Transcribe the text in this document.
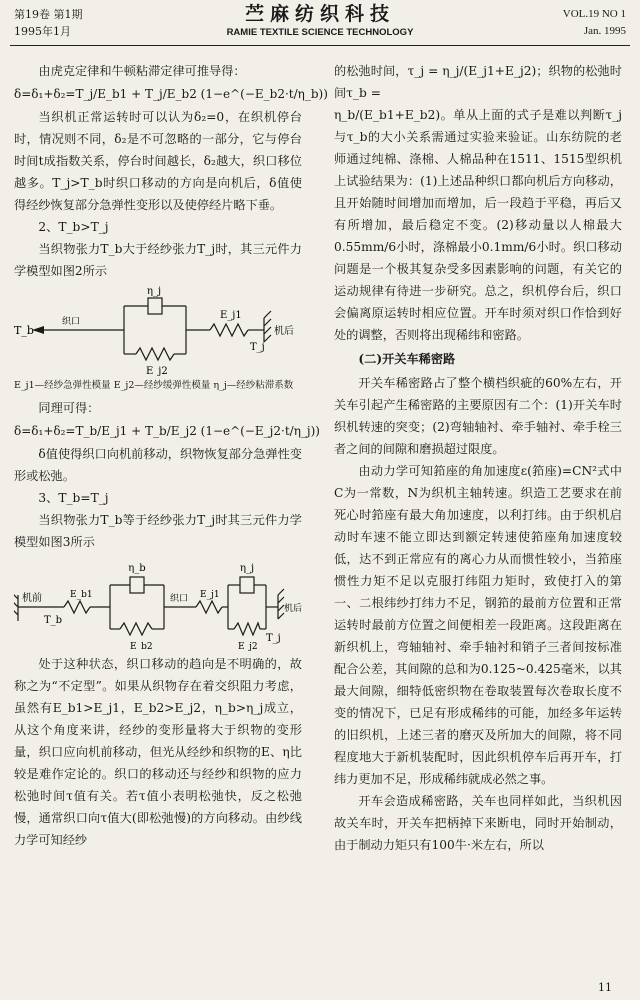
第19卷 第1期
1995年1月
苎麻纺织科技
RAMIE TEXTILE SCIENCE TECHNOLOGY
VOL.19 NO 1
Jan. 1995

由虎克定律和牛顿粘滞定律可推导得：

δ=δ₁+δ₂=T_j/E_b1 + T_j/E_b2 (1−e^(−E_b2·t/η_b))

当织机正常运转时可以认为δ₂=0，在织机停台时，情况则不同，δ₂是不可忽略的一部分，它与停台时间t成指数关系，停台时间越长，δ₂越大，织口移位越多。T_j>T_b时织口移动的方向是向机后，δ值使得经纱恢复部分急弹性变形以及使停经片略下垂。

2、T_b>T_j

当织物张力T_b大于经纱张力T_j时，其三元件力学模型如图2所示

η_j
T_b
织口
E_j1
E_j2
T_j
机后

E_j1—经纱急弹性模量 E_j2—经纱缓弹性模量 η_j—经纱粘滞系数

同理可得：

δ=δ₁+δ₂=T_b/E_j1 + T_b/E_j2 (1−e^(−E_j2·t/η_j))

δ值使得织口向机前移动，织物恢复部分急弹性变形或松弛。

3、T_b=T_j

当织物张力T_b等于经纱张力T_j时其三元件力学模型如图3所示

机前
T_b
E_b1
η_b
E_b2
织口 E_j1
η_j
E_j2
T_j
机后

处于这种状态，织口移动的趋向是不明确的，故称之为“不定型”。如果从织物存在着交织阻力考虑，虽然有E_b1>E_j1，E_b2>E_j2，η_b>η_j成立，从这个角度来讲，经纱的变形量将大于织物的变形量，织口应向机前移动，但光从经纱和织物的E、η比较是难作定论的。织口的移动还与经纱和织物的应力松弛时间τ值有关。若τ值小表明松弛快，反之松弛慢，通常织口向τ值大(即松弛慢)的方向移动。由纱线力学可知经纱

的松弛时间，τ_j = η_j/(E_j1+E_j2)；织物的松弛时间τ_b =

η_b/(E_b1+E_b2)。单从上面的式子是难以判断τ_j与τ_b的大小关系需通过实验来验证。山东纺院的老师通过纯棉、涤棉、人棉品种在1511、1515型织机上试验结果为：(1)上述品种织口都向机后方向移动，且开始随时间增加而增加，后一段趋于平稳，再后又有所增加，最后稳定不变。(2)移动量以人棉最大0.55mm/6小时，涤棉最小0.1mm/6小时。织口移动问题是一个极其复杂受多因素影响的问题，有关它的运动规律有待进一步研究。总之，织机停台后，织口会偏离原运转时相应位置。开车时须对织口作恰到好处的调整，否则将出现稀纬和密路。

(二)开关车稀密路

开关车稀密路占了整个横档织疵的60%左右，开关车引起产生稀密路的主要原因有二个：(1)开关车时织机转速的突变；(2)弯轴轴衬、牵手轴衬、牵手栓三者之间的间隙和磨损超过限度。

由动力学可知筘座的角加速度ε(筘座)=CN²式中C为一常数，N为织机主轴转速。织造工艺要求在前死心时筘座有最大角加速度，以利打纬。由于织机启动时车速不能立即达到额定转速使筘座角加速度较低，达不到正常应有的离心力从而惯性较小，当筘座惯性力矩不足以克服打纬阻力矩时，致使打入的第一、二根纬纱打纬力不足，钢筘的最前方位置和正常运转时最前方位置之间便相差一段距离。这段距离在新织机上，弯轴轴衬、牵手轴衬和销子三者间按标准配合公差，其间隙的总和为0.125~0.425毫米，以其最大间隙，细特低密织物在卷取装置每次卷取长度不变的情况下，已足有形成稀纬的可能，加经多年运转的旧织机，上述三者的磨灭及所加大的间隙，将不同程度地大于新机装配时，因此织机停车后再开车，打纬力更加不足，形成稀纬就成必然之事。

开车会造成稀密路，关车也同样如此，当织机因故关车时，开关车把柄掉下来断电，同时开始制动，由于制动力矩只有100牛·米左右，所以

11
